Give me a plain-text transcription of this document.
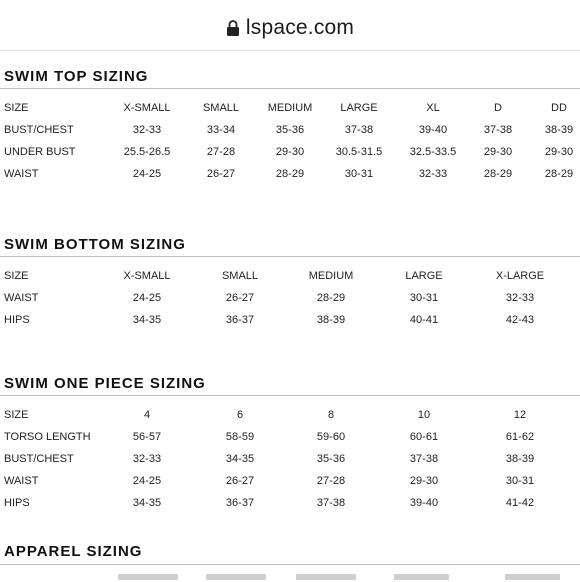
lspace.com
SWIM TOP SIZING
SIZE	X-SMALL	SMALL	MEDIUM	LARGE	XL	D	DD
BUST/CHEST	32-33	33-34	35-36	37-38	39-40	37-38	38-39
UNDER BUST	25.5-26.5	27-28	29-30	30.5-31.5	32.5-33.5	29-30	29-30
WAIST	24-25	26-27	28-29	30-31	32-33	28-29	28-29
SWIM BOTTOM SIZING
SIZE	X-SMALL	SMALL	MEDIUM	LARGE	X-LARGE
WAIST	24-25	26-27	28-29	30-31	32-33
HIPS	34-35	36-37	38-39	40-41	42-43
SWIM ONE PIECE SIZING
SIZE	4	6	8	10	12
TORSO LENGTH	56-57	58-59	59-60	60-61	61-62
BUST/CHEST	32-33	34-35	35-36	37-38	38-39
WAIST	24-25	26-27	27-28	29-30	30-31
HIPS	34-35	36-37	37-38	39-40	41-42
APPAREL SIZING
